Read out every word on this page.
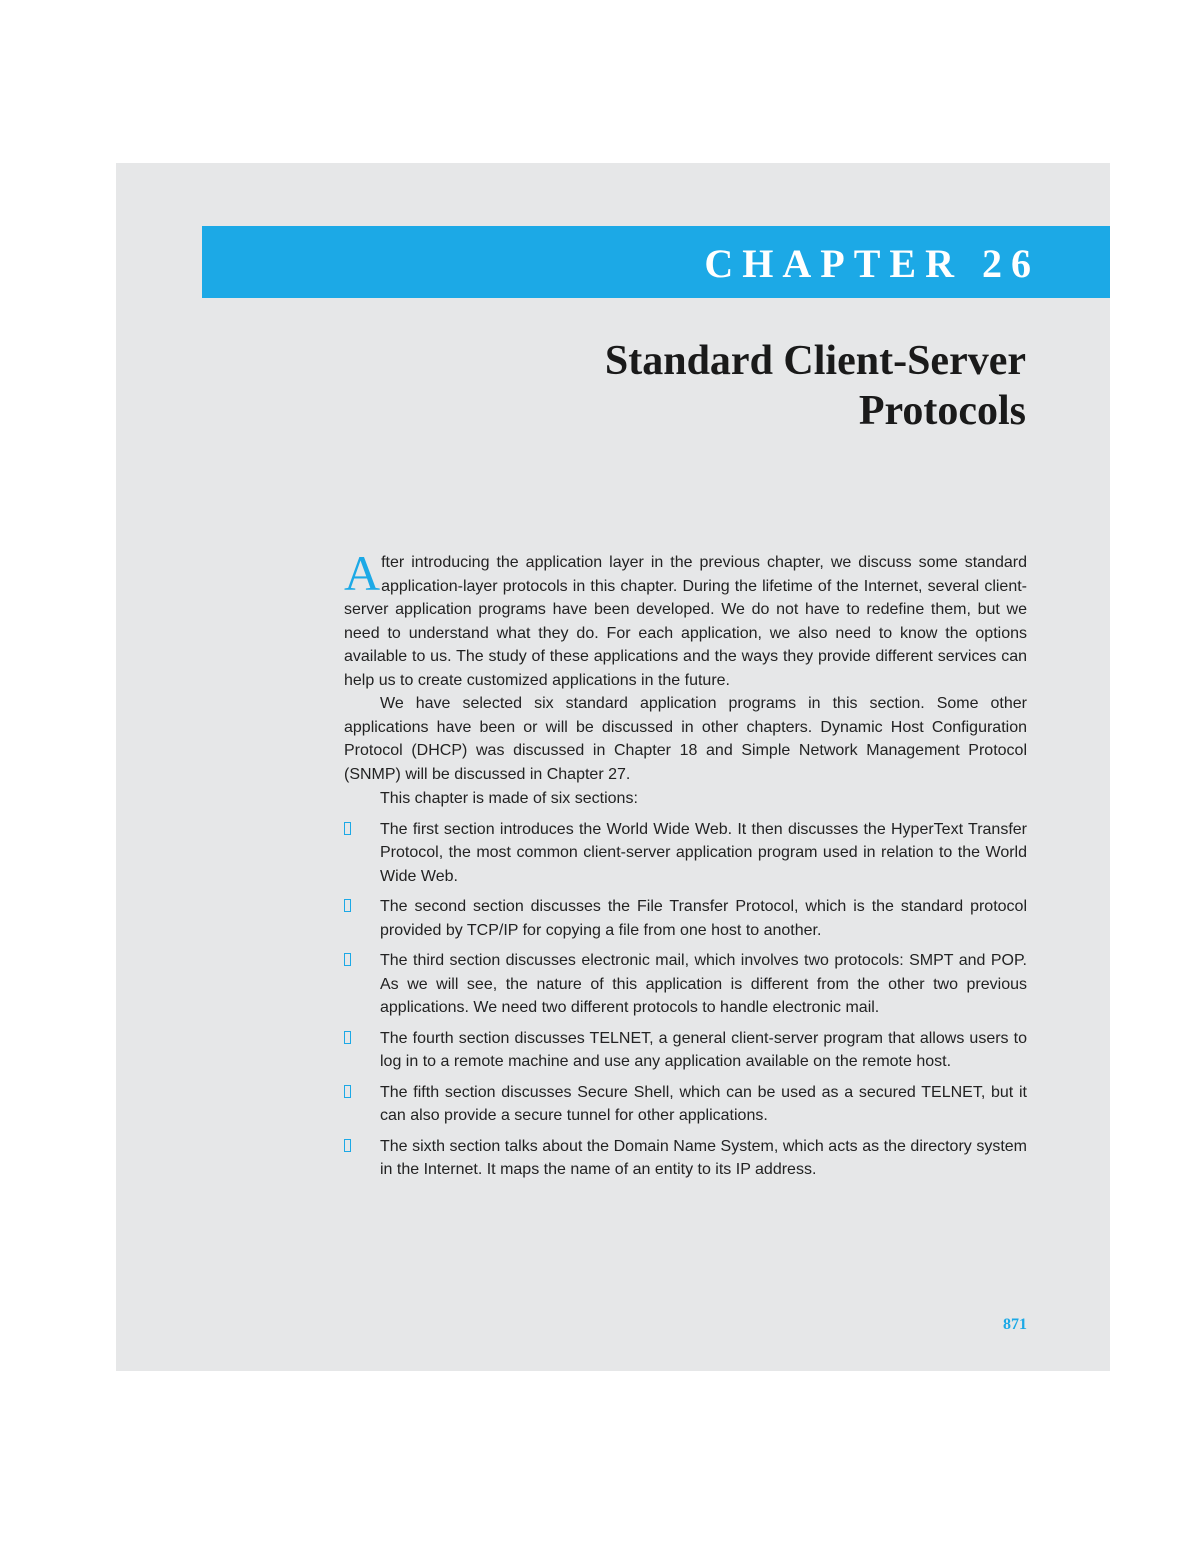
CHAPTER 26
Standard Client-Server
Protocols

After introducing the application layer in the previous chapter, we discuss some standard application-layer protocols in this chapter. During the lifetime of the Internet, several client-server application programs have been developed. We do not have to redefine them, but we need to understand what they do. For each application, we also need to know the options available to us. The study of these applications and the ways they provide different services can help us to create customized applications in the future.

We have selected six standard application programs in this section. Some other applications have been or will be discussed in other chapters. Dynamic Host Configuration Protocol (DHCP) was discussed in Chapter 18 and Simple Network Management Protocol (SNMP) will be discussed in Chapter 27.

This chapter is made of six sections:

The first section introduces the World Wide Web. It then discusses the HyperText Transfer Protocol, the most common client-server application program used in relation to the World Wide Web.
The second section discusses the File Transfer Protocol, which is the standard protocol provided by TCP/IP for copying a file from one host to another.
The third section discusses electronic mail, which involves two protocols: SMPT and POP. As we will see, the nature of this application is different from the other two previous applications. We need two different protocols to handle electronic mail.
The fourth section discusses TELNET, a general client-server program that allows users to log in to a remote machine and use any application available on the remote host.
The fifth section discusses Secure Shell, which can be used as a secured TELNET, but it can also provide a secure tunnel for other applications.
The sixth section talks about the Domain Name System, which acts as the directory system in the Internet. It maps the name of an entity to its IP address.
871
